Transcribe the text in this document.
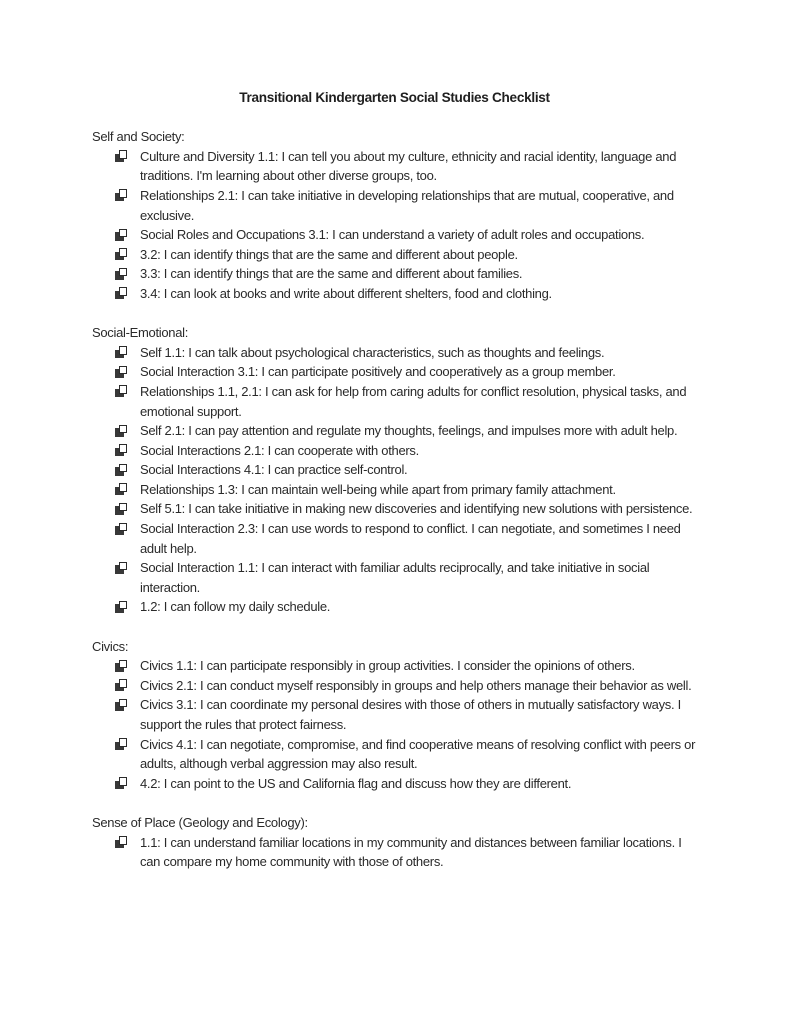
Transitional Kindergarten Social Studies Checklist
Self and Society:
Culture and Diversity 1.1: I can tell you about my culture, ethnicity and racial identity, language and traditions. I'm learning about other diverse groups, too.
Relationships 2.1: I can take initiative in developing relationships that are mutual, cooperative, and exclusive.
Social Roles and Occupations 3.1: I can understand a variety of adult roles and occupations.
3.2: I can identify things that are the same and different about people.
3.3: I can identify things that are the same and different about families.
3.4: I can look at books and write about different shelters, food and clothing.
Social-Emotional:
Self 1.1: I can talk about psychological characteristics, such as thoughts and feelings.
Social Interaction 3.1: I can participate positively and cooperatively as a group member.
Relationships 1.1, 2.1: I can ask for help from caring adults for conflict resolution, physical tasks, and emotional support.
Self 2.1: I can pay attention and regulate my thoughts, feelings, and impulses more with adult help.
Social Interactions 2.1: I can cooperate with others.
Social Interactions 4.1: I can practice self-control.
Relationships 1.3: I can maintain well-being while apart from primary family attachment.
Self 5.1: I can take initiative in making new discoveries and identifying new solutions with persistence.
Social Interaction 2.3: I can use words to respond to conflict. I can negotiate, and sometimes I need adult help.
Social Interaction 1.1: I can interact with familiar adults reciprocally, and take initiative in social interaction.
1.2: I can follow my daily schedule.
Civics:
Civics 1.1: I can participate responsibly in group activities. I consider the opinions of others.
Civics 2.1: I can conduct myself responsibly in groups and help others manage their behavior as well.
Civics 3.1: I can coordinate my personal desires with those of others in mutually satisfactory ways. I support the rules that protect fairness.
Civics 4.1: I can negotiate, compromise, and find cooperative means of resolving conflict with peers or adults, although verbal aggression may also result.
4.2: I can point to the US and California flag and discuss how they are different.
Sense of Place (Geology and Ecology):
1.1: I can understand familiar locations in my community and distances between familiar locations. I can compare my home community with those of others.
